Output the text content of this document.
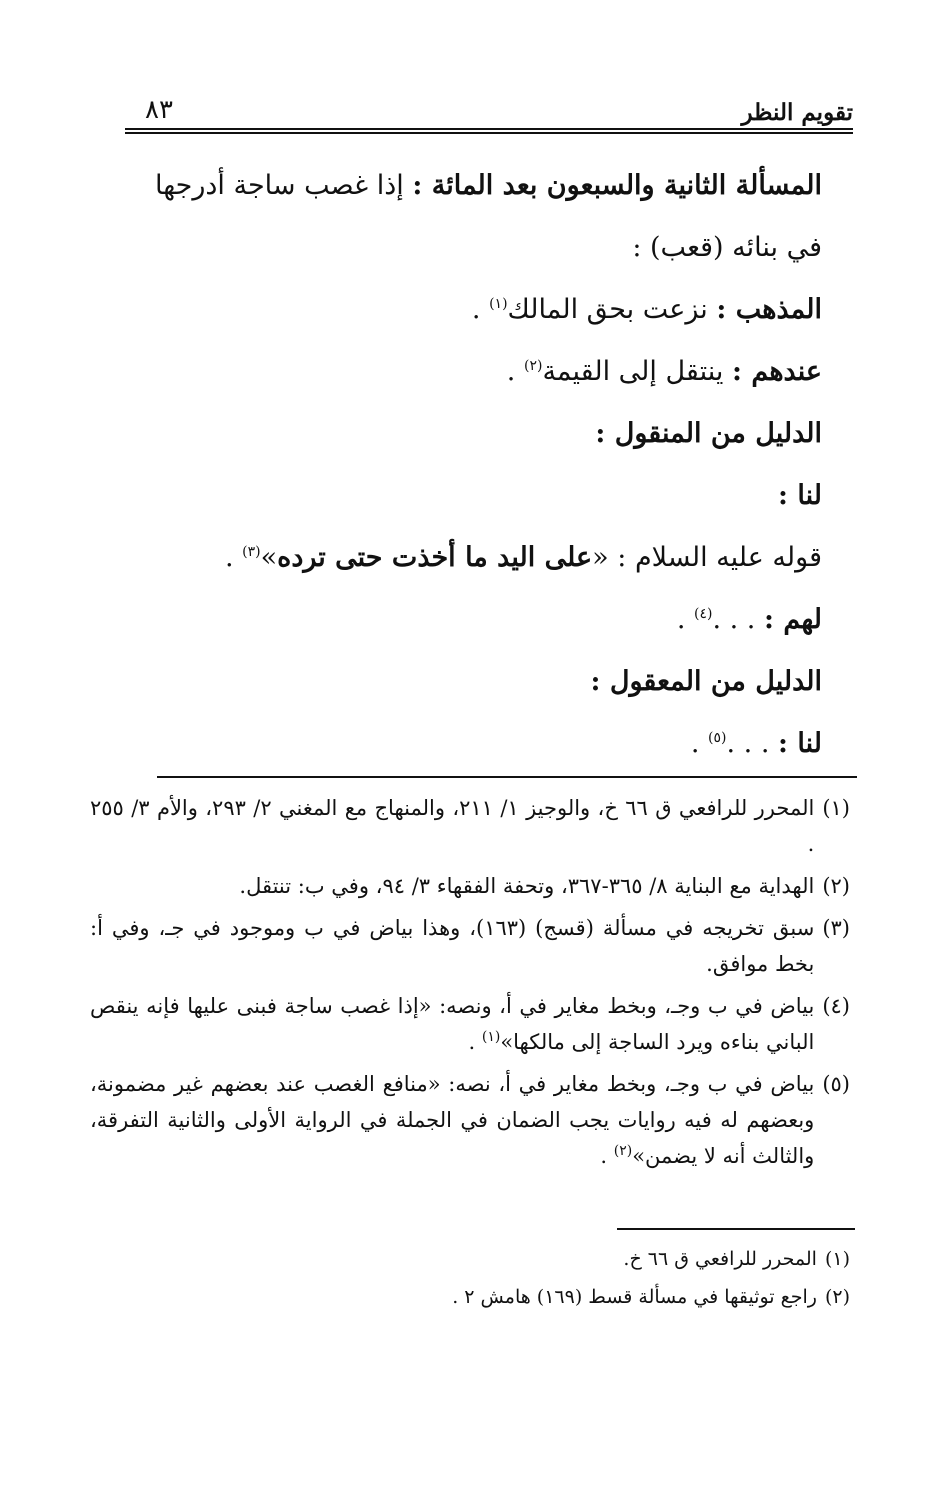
تقويم النظر
٨٣

المسألة الثانية والسبعون بعد المائة : إذا غصب ساجة أدرجها في بنائه (قعب) :

المذهب : نزعت بحق المالك$^{(١)}$ .

عندهم : ينتقل إلى القيمة$^{(٢)}$ .

الدليل من المنقول :

لنا :

قوله عليه السلام : «على اليد ما أخذت حتى ترده»$^{(٣)}$ .

لهم : . . .$^{(٤)}$ .

الدليل من المعقول :

لنا : . . .$^{(٥)}$ .

(١)
المحرر للرافعي ق ٦٦ خ، والوجيز ١/ ٢١١، والمنهاج مع المغني ٢/ ٢٩٣، والأم ٣/ ٢٥٥ .

(٢)
الهداية مع البناية ٨/ ٣٦٥-٣٦٧، وتحفة الفقهاء ٣/ ٩٤، وفي ب: تنتقل.

(٣)
سبق تخريجه في مسألة (قسج) (١٦٣)، وهذا بياض في ب وموجود في جـ، وفي أ: بخط موافق.

(٤)
بياض في ب وجـ، وبخط مغاير في أ، ونصه: «إذا غصب ساجة فبنى عليها فإنه ينقص الباني بناءه ويرد الساجة إلى مالكها»$^{(١)}$ .

(٥)
بياض في ب وجـ، وبخط مغاير في أ، نصه: «منافع الغصب عند بعضهم غير مضمونة، وبعضهم له فيه روايات يجب الضمان في الجملة في الرواية الأولى والثانية التفرقة، والثالث أنه لا يضمن»$^{(٢)}$ .

(١)
المحرر للرافعي ق ٦٦ خ.

(٢)
راجع توثيقها في مسألة قسط (١٦٩) هامش ٢ .
